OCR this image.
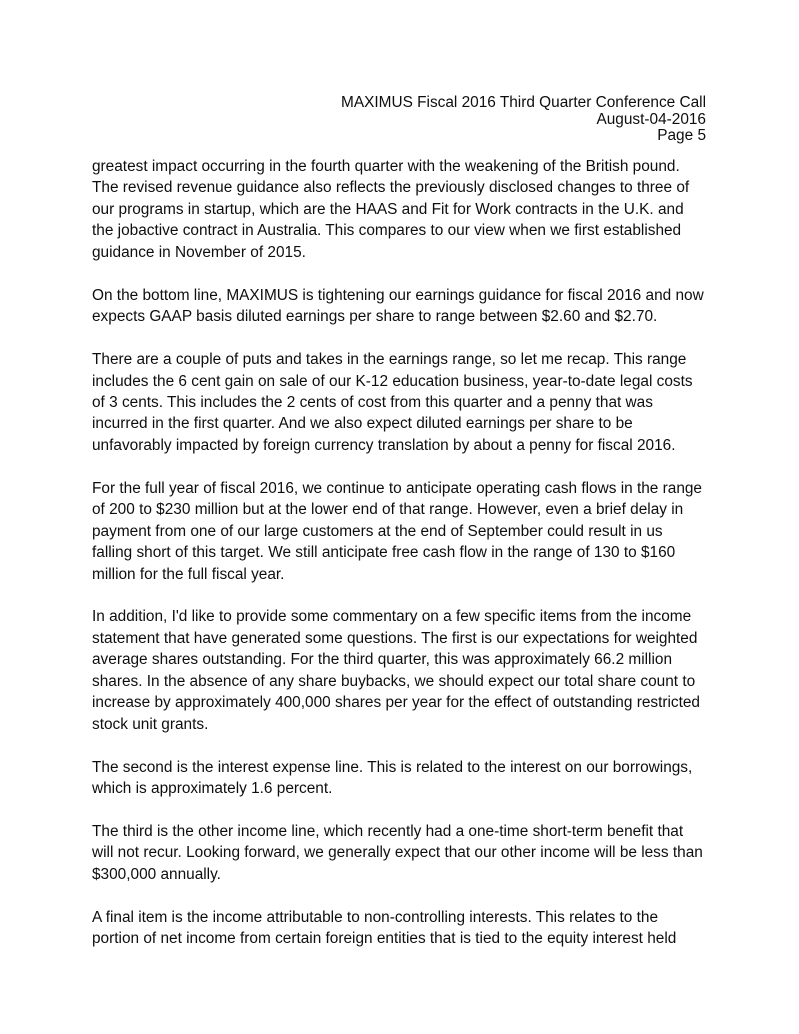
MAXIMUS Fiscal 2016 Third Quarter Conference Call
August-04-2016
Page 5

greatest impact occurring in the fourth quarter with the weakening of the British pound. The revised revenue guidance also reflects the previously disclosed changes to three of our programs in startup, which are the HAAS and Fit for Work contracts in the U.K. and the jobactive contract in Australia. This compares to our view when we first established guidance in November of 2015.

On the bottom line, MAXIMUS is tightening our earnings guidance for fiscal 2016 and now expects GAAP basis diluted earnings per share to range between $2.60 and $2.70.

There are a couple of puts and takes in the earnings range, so let me recap. This range includes the 6 cent gain on sale of our K-12 education business, year-to-date legal costs of 3 cents. This includes the 2 cents of cost from this quarter and a penny that was incurred in the first quarter. And we also expect diluted earnings per share to be unfavorably impacted by foreign currency translation by about a penny for fiscal 2016.

For the full year of fiscal 2016, we continue to anticipate operating cash flows in the range of 200 to $230 million but at the lower end of that range. However, even a brief delay in payment from one of our large customers at the end of September could result in us falling short of this target. We still anticipate free cash flow in the range of 130 to $160 million for the full fiscal year.

In addition, I'd like to provide some commentary on a few specific items from the income statement that have generated some questions. The first is our expectations for weighted average shares outstanding. For the third quarter, this was approximately 66.2 million shares. In the absence of any share buybacks, we should expect our total share count to increase by approximately 400,000 shares per year for the effect of outstanding restricted stock unit grants.

The second is the interest expense line. This is related to the interest on our borrowings, which is approximately 1.6 percent.

The third is the other income line, which recently had a one-time short-term benefit that will not recur. Looking forward, we generally expect that our other income will be less than $300,000 annually.

A final item is the income attributable to non-controlling interests. This relates to the portion of net income from certain foreign entities that is tied to the equity interest held
